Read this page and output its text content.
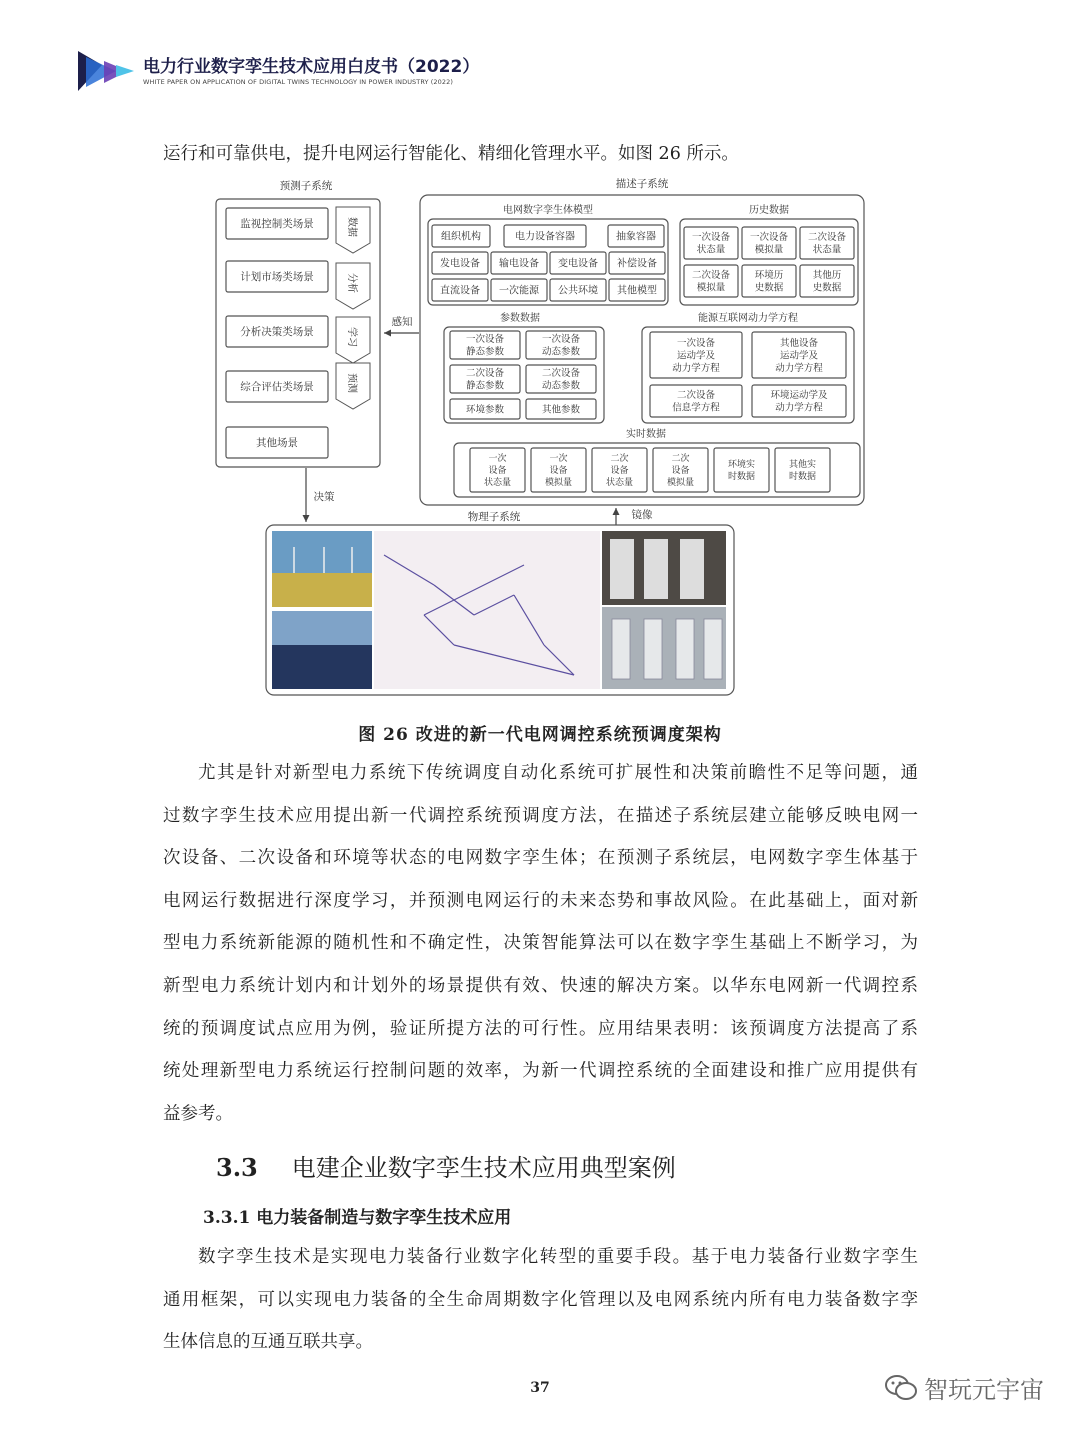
电力行业数字孪生技术应用白皮书（2022）
WHITE PAPER ON APPLICATION OF DIGITAL TWINS TECHNOLOGY IN POWER INDUSTRY (2022)
运行和可靠供电，提升电网运行智能化、精细化管理水平。如图 26 所示。
预测子系统
监视控制类场景
计划市场类场景
分析决策类场景
综合评估类场景
其他场景
数据
分析
学习
预测
描述子系统
电网数字孪生体模型
组织机构	电力设备容器	抽象容器
发电设备 输电设备 变电设备 补偿设备
直流设备 一次能源 公共环境 其他模型
历史数据
一次设备
状态量
一次设备
模拟量
二次设备
状态量
二次设备
模拟量
环境历
史数据
其他历
史数据
参数数据
一次设备
静态参数
一次设备
动态参数
二次设备
静态参数
二次设备
动态参数
环境参数	其他参数
能源互联网动力学方程
一次设备
运动学及
动力学方程
其他设备
运动学及
动力学方程
二次设备
信息学方程
环境运动学及
动力学方程
实时数据
一次
设备
状态量
一次
设备
模拟量
二次
设备
状态量
二次
设备
模拟量
环境实
时数据
其他实
时数据
感知
决策
镜像
物理子系统
图 26 改进的新一代电网调控系统预调度架构
尤其是针对新型电力系统下传统调度自动化系统可扩展性和决策前瞻性不足等问题，通
过数字孪生技术应用提出新一代调控系统预调度方法，在描述子系统层建立能够反映电网一
次设备、二次设备和环境等状态的电网数字孪生体；在预测子系统层，电网数字孪生体基于
电网运行数据进行深度学习，并预测电网运行的未来态势和事故风险。在此基础上，面对新
型电力系统新能源的随机性和不确定性，决策智能算法可以在数字孪生基础上不断学习，为
新型电力系统计划内和计划外的场景提供有效、快速的解决方案。以华东电网新一代调控系
统的预调度试点应用为例，验证所提方法的可行性。应用结果表明：该预调度方法提高了系
统处理新型电力系统运行控制问题的效率，为新一代调控系统的全面建设和推广应用提供有
益参考。
3.3 电建企业数字孪生技术应用典型案例
3.3.1 电力装备制造与数字孪生技术应用
数字孪生技术是实现电力装备行业数字化转型的重要手段。基于电力装备行业数字孪生
通用框架，可以实现电力装备的全生命周期数字化管理以及电网系统内所有电力装备数字孪
生体信息的互通互联共享。
37	智玩元宇宙
